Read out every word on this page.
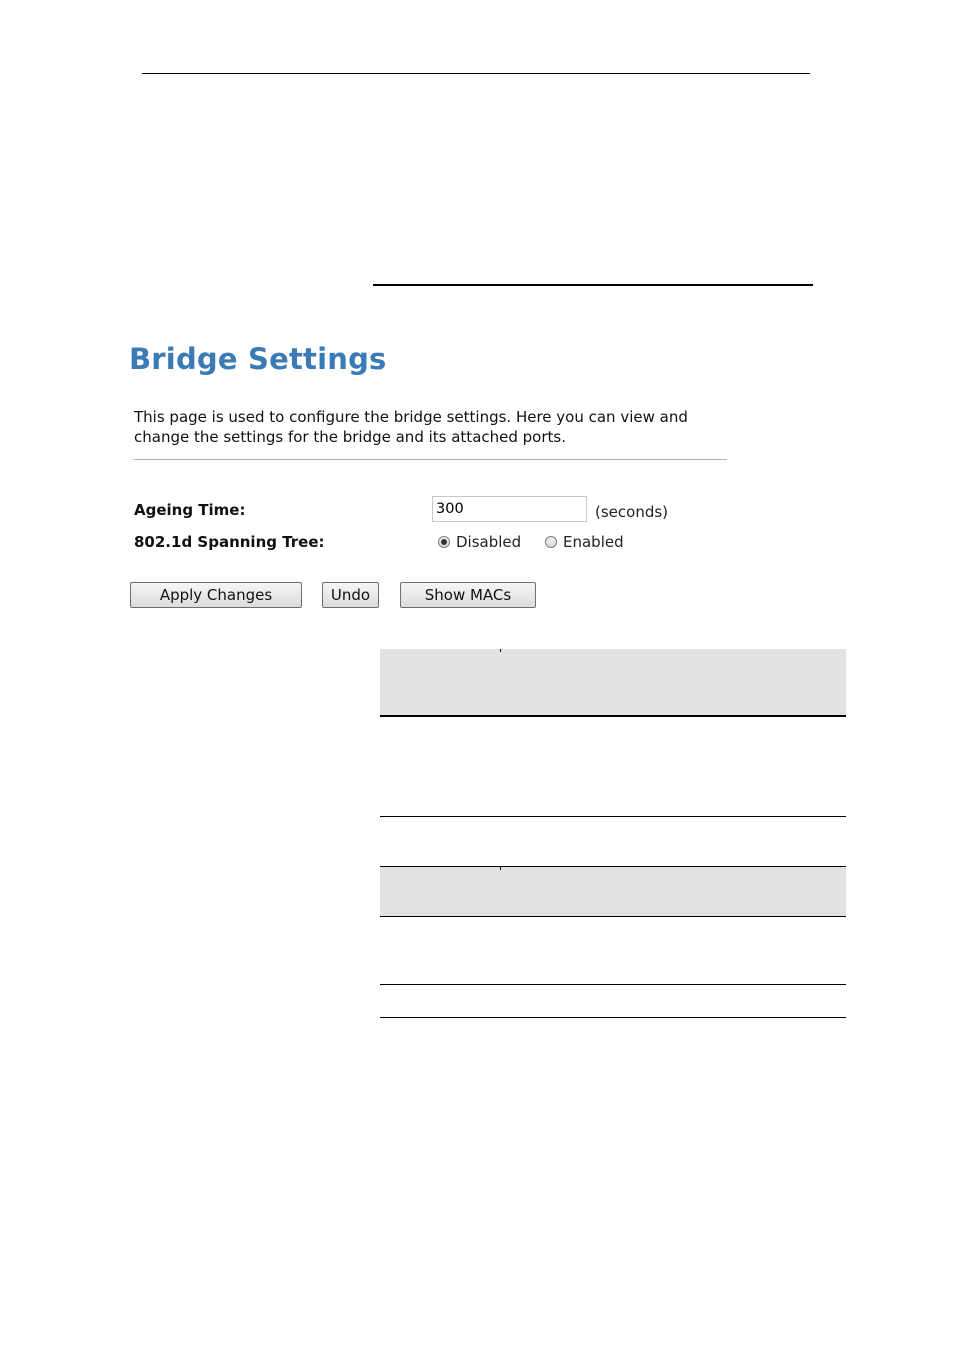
Bridge Settings
This page is used to configure the bridge settings. Here you can view and change the settings for the bridge and its attached ports.
Ageing Time:
300	(seconds)
802.1d Spanning Tree:	Disabled	Enabled
Apply Changes	Undo	Show MACs
